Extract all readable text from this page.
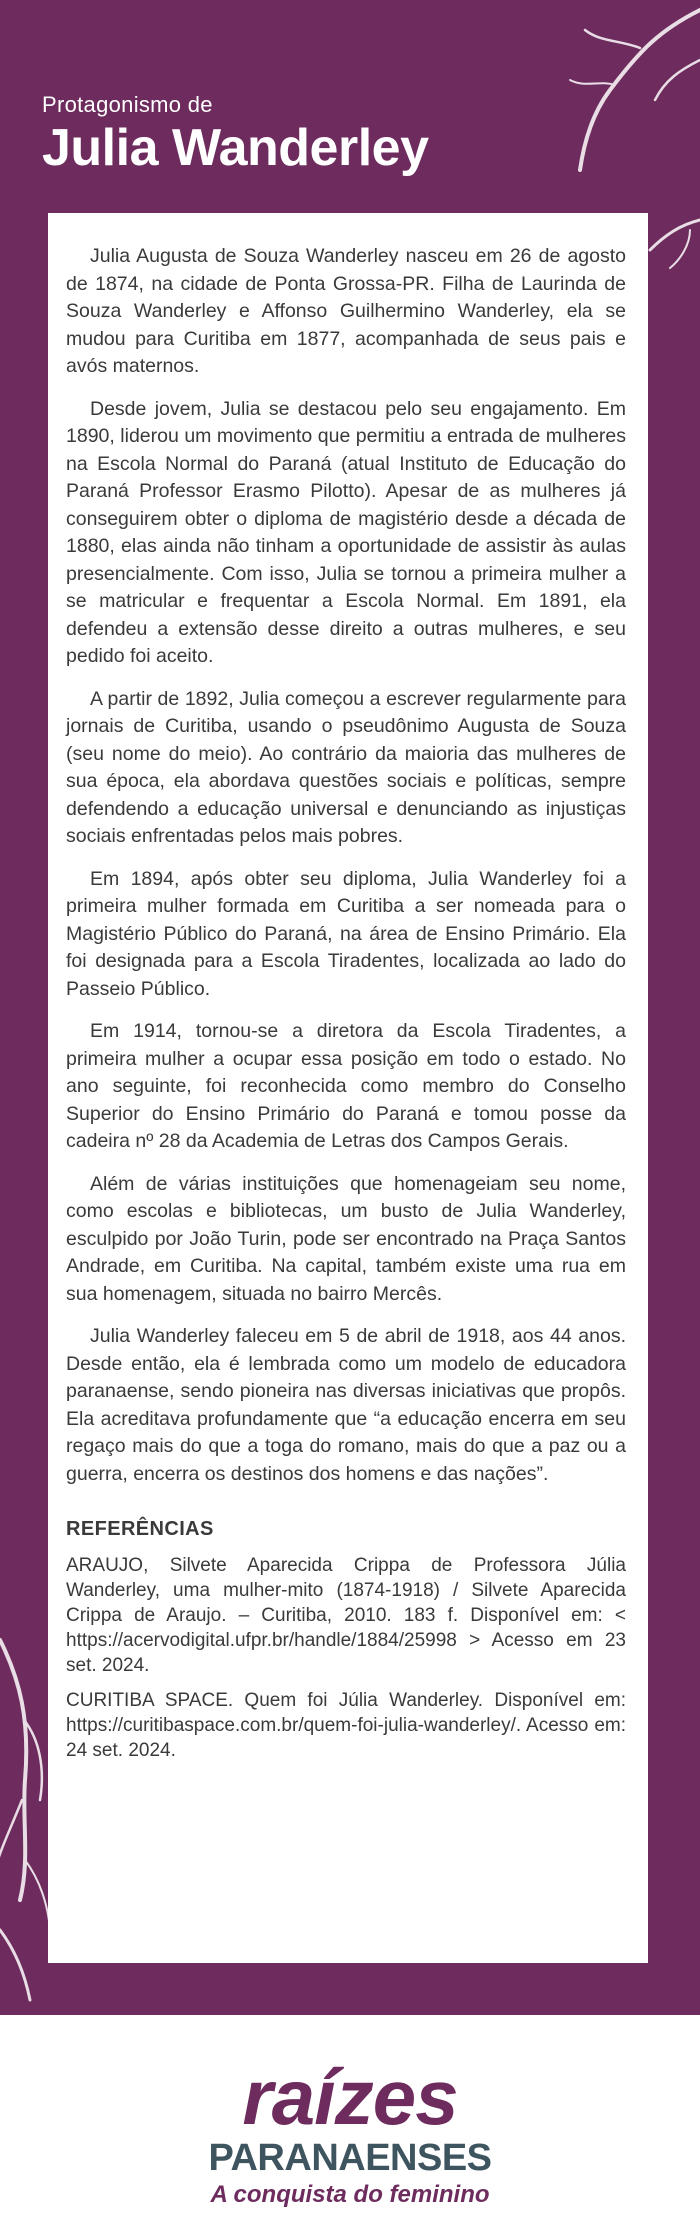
Protagonismo de

Julia Wanderley

Julia Augusta de Souza Wanderley nasceu em 26 de agosto de 1874, na cidade de Ponta Grossa-PR. Filha de Laurinda de Souza Wanderley e Affonso Guilhermino Wanderley, ela se mudou para Curitiba em 1877, acompanhada de seus pais e avós maternos.

Desde jovem, Julia se destacou pelo seu engajamento. Em 1890, liderou um movimento que permitiu a entrada de mulheres na Escola Normal do Paraná (atual Instituto de Educação do Paraná Professor Erasmo Pilotto). Apesar de as mulheres já conseguirem obter o diploma de magistério desde a década de 1880, elas ainda não tinham a oportunidade de assistir às aulas presencialmente. Com isso, Julia se tornou a primeira mulher a se matricular e frequentar a Escola Normal. Em 1891, ela defendeu a extensão desse direito a outras mulheres, e seu pedido foi aceito.

A partir de 1892, Julia começou a escrever regularmente para jornais de Curitiba, usando o pseudônimo Augusta de Souza (seu nome do meio). Ao contrário da maioria das mulheres de sua época, ela abordava questões sociais e políticas, sempre defendendo a educação universal e denunciando as injustiças sociais enfrentadas pelos mais pobres.

Em 1894, após obter seu diploma, Julia Wanderley foi a primeira mulher formada em Curitiba a ser nomeada para o Magistério Público do Paraná, na área de Ensino Primário. Ela foi designada para a Escola Tiradentes, localizada ao lado do Passeio Público.

Em 1914, tornou-se a diretora da Escola Tiradentes, a primeira mulher a ocupar essa posição em todo o estado. No ano seguinte, foi reconhecida como membro do Conselho Superior do Ensino Primário do Paraná e tomou posse da cadeira nº 28 da Academia de Letras dos Campos Gerais.

Além de várias instituições que homenageiam seu nome, como escolas e bibliotecas, um busto de Julia Wanderley, esculpido por João Turin, pode ser encontrado na Praça Santos Andrade, em Curitiba. Na capital, também existe uma rua em sua homenagem, situada no bairro Mercês.

Julia Wanderley faleceu em 5 de abril de 1918, aos 44 anos. Desde então, ela é lembrada como um modelo de educadora paranaense, sendo pioneira nas diversas iniciativas que propôs. Ela acreditava profundamente que “a educação encerra em seu regaço mais do que a toga do romano, mais do que a paz ou a guerra, encerra os destinos dos homens e das nações”.

REFERÊNCIAS

ARAUJO, Silvete Aparecida Crippa de Professora Júlia Wanderley, uma mulher-mito (1874-1918) / Silvete Aparecida Crippa de Araujo. – Curitiba, 2010. 183 f. Disponível em: < https://acervodigital.ufpr.br/handle/1884/25998 > Acesso em 23 set. 2024.

CURITIBA SPACE. Quem foi Júlia Wanderley. Disponível em: https://curitibaspace.com.br/quem-foi-julia-wanderley/. Acesso em: 24 set. 2024.

raízes

PARANAENSES

A conquista do feminino
